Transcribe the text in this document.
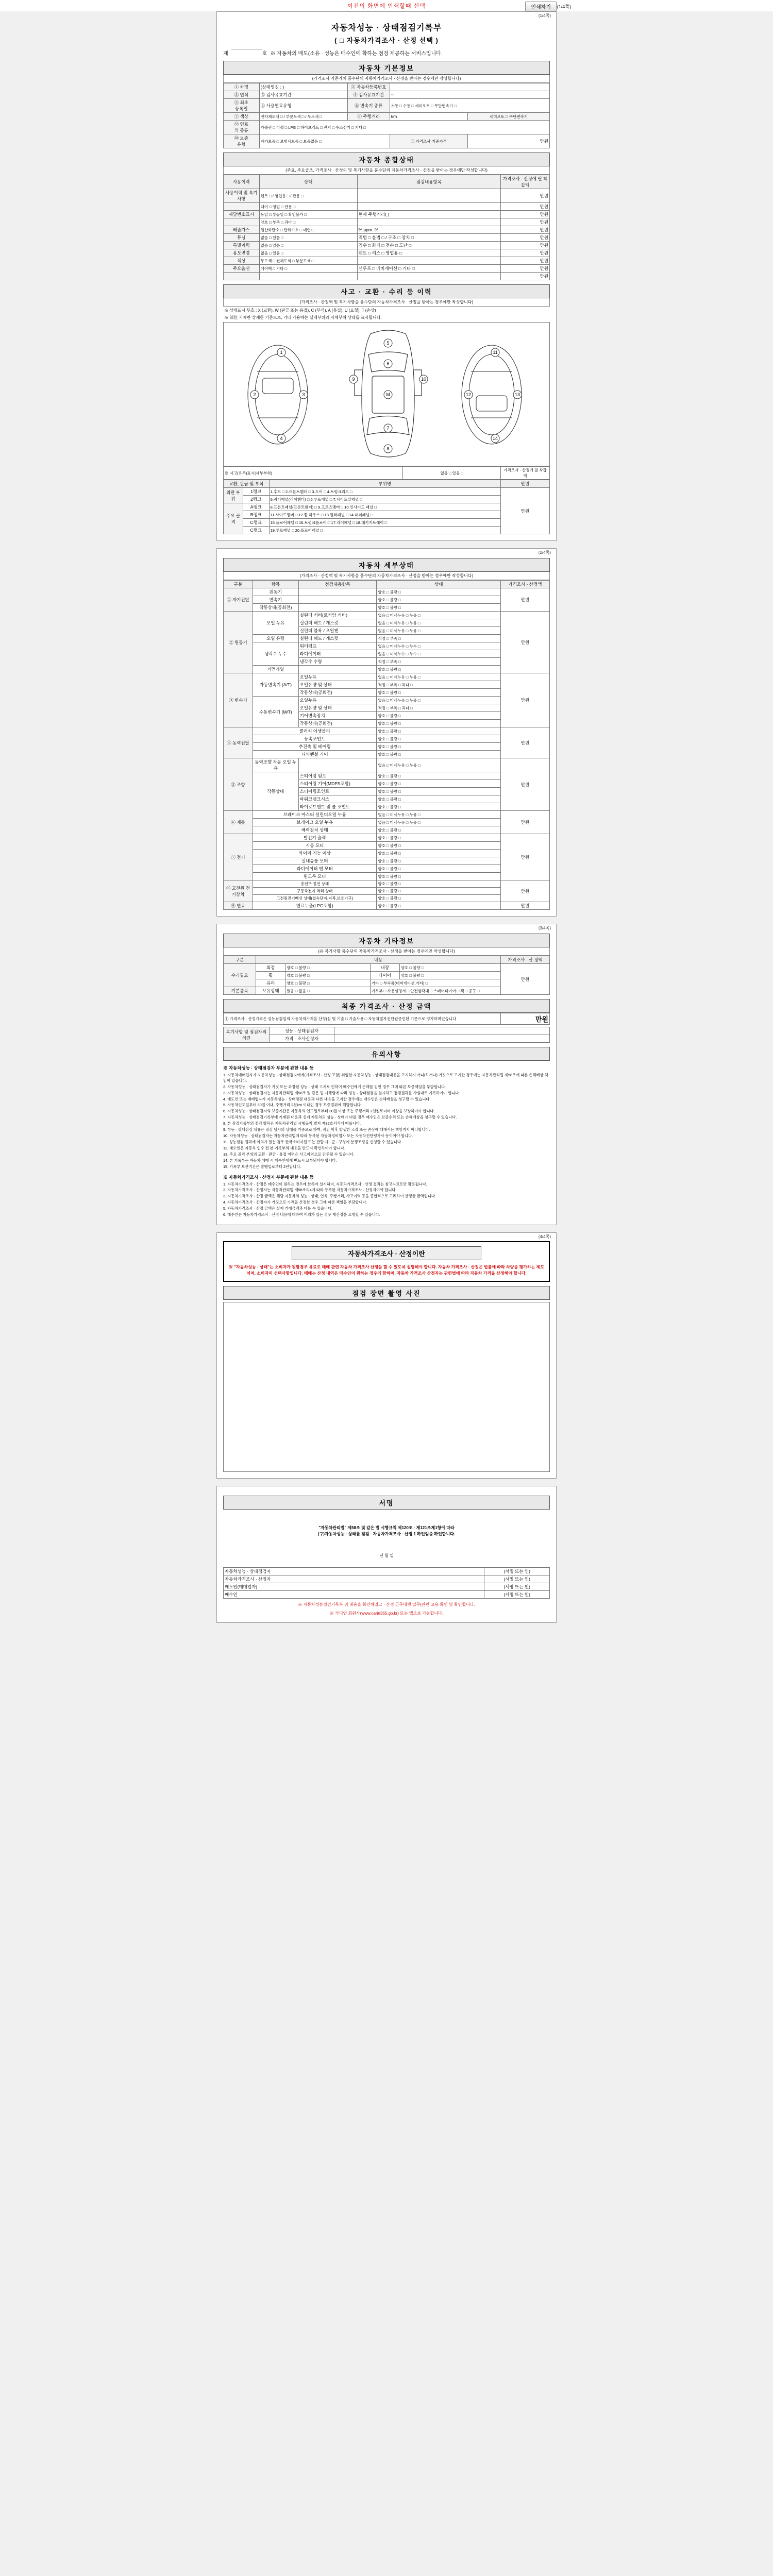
이전의 화면에 인쇄할때 선택	인쇄하기	(1/4쪽)
(1/4쪽)
자동차성능 · 상태점검기록부
( □ 자동차가격조사 · 산정 선택 )
제	호 ※ 자동차의 매도(소유 · 성능은 매수인에 확하는 점검 제공하는 서비스입니다.
자동차 기본정보
(가격조사 기준가치 품수단의 자동차가격조사 · 산정을 받아는 경우에만 작성합니다)
① 차명	(상태명칭 : )	② 자동차등록번호		
③ 연식	⑤ 검사유효기간	④ 검사유효기간	~	
⑤ 최초
등록일	⑥ 사용연료유형	⑥ 변속기 종류	자동 □ 수동 □ 세미오토 □ 무단변속기 □	
⑦ 색상	전차체도색 □ / 부분도색 □ / 무도색 □	⑧ 주행거리	km	세미오토 □ 무단변속기
⑨ 연료
의 종류	가솔린 □ 디젤 □ LPG □ 하이브리드 □ 전기 □ 수소전기 □ 기타 □			
⑩ 보증
유형	자가보증 □ 보험사보증 □ 보증없음 □		⑪ 가격조사·기준가격	만원
자동차 종합상태
(주요, 주요골조, 가격조사 · 산정의 및 복기사항을 품수단의 자동차가격조사 · 산정을 받아는 경우에만 작성합니다)
사용이력	상태	점검내용항목	가격조사 · 산정에 필 착갑액
사용이력 및 특기사항	렌트 □ / 영업용 □ / 관용 □		만원
	대여 □ 영업 □ 관용 □		만원
제당번호표시	동일 □ 부동일 □ 확인불가 □	현재 주행거리( )	만원
	양호 □ 부족 □ 과다 □		만원
배출가스	일산화탄소 □ 탄화수소 □ 매연 □	% ppm. %	만원
튜닝	없음 □ 있음 □	적법 □ 불법 □ / 구조 □ 장치 □	만원
특별이력	없음 □ 있음 □	침수 □ 화재 □ 전손 □ 도난 □	만원
용도변경	없음 □ 있음 □	렌트 □ 리스 □ 영업용 □	만원
색상	무도색 □ 전체도색 □ 부분도색 □		만원
주요옵션	에어백 □ 기타 □	선루프 □ 네비게이션 □ 기타 □	만원
			만원
사고 · 교환 · 수리 등 이력
(가격조사 · 산정액 및 복기사항을 품수단의 자동차가격조사 · 산정을 받아는 경우에만 작성합니다)
※ 상태표시 부호 : X (교환), W (판금 또는 용접), C (부식), A (흠집), U (요철), T (손상)
※ 部位 기재란 상세한 기준으로, 기타 가용하는 실제부위와 자체부위 상태를 표시합니다.
1
2	3
4
5
6
M
7
8
9	10
11
12	13
14
※ 시고(유무)표시(세부부위)	없음 □ 있음 □	가격조사 · 산정에 필 착갑액
교환, 판금 및 부식		부위명	만원
외판 부위	1랭크	1.후드 □ 2.프론트휀더 □ 3.도어 □ 4.트렁크리드 □	만원
	2랭크	5.쿼터패널(리어휀더) □ 6.루프패널 □ 7.사이드실패널 □	
주요 골격	A랭크	8.프론트패널(프론트휀더) □ 9.크로스멤버 □ 10.인사이드 패널 □	
	B랭크	11.사이드멤버 □ 12.휠 하우스 □ 13.필러패널 □ 14.대쉬패널 □	
	C랭크	15.플로어패널 □ 16.트렁크플로어 □ 17.리어패널 □ 18.패키지트레이 □	
	C랭크	19.루프패널 □ 20.플로어패널 □	
(2/4쪽)
자동차 세부상태
(가격조사 · 산정액 및 복기사항을 품수단의 자동차가격조사 · 산정을 받아는 경우에만 작성합니다)
구분	항목	점검내용항목	상태	가격조사 · 산정액
① 자기진단	원동기		양호 □ 불량 □	만원
	변속기		양호 □ 불량 □	
	작동상태(공회전)		양호 □ 불량 □	
② 원동기	오일 누유	실린더 커버(로커암 커버)	없음 □ 미세누유 □ 누유 □	만원
		실린더 헤드 / 개스킷	없음 □ 미세누유 □ 누유 □	
		실린더 블록 / 오일팬	없음 □ 미세누유 □ 누유 □	
	오일 유량	실린더 헤드 / 개스킷	적정 □ 부족 □	
	냉각수 누수	워터펌프	없음 □ 미세누수 □ 누수 □	
		라디에이터	없음 □ 미세누수 □ 누수 □	
		냉각수 수량	적정 □ 부족 □	
	커먼레일		양호 □ 불량 □	
③ 변속기	자동변속기 (A/T)	오일누유	없음 □ 미세누유 □ 누유 □	만원
		오일유량 및 상태	적정 □ 부족 □ 과다 □	
		작동상태(공회전)	양호 □ 불량 □	
	수동변속기 (M/T)	오일누유	없음 □ 미세누유 □ 누유 □	
		오일유량 및 상태	적정 □ 부족 □ 과다 □	
		기어변속장치	양호 □ 불량 □	
		작동상태(공회전)	양호 □ 불량 □	
④ 동력전달	클러치 어셈블리		양호 □ 불량 □	만원
	등속조인트		양호 □ 불량 □	
	추진축 및 베어링		양호 □ 불량 □	
	디퍼렌셜 기어		양호 □ 불량 □	
⑤ 조향	동력조향 작동 오일 누유		없음 □ 미세누유 □ 누유 □	만원
	작동상태	스티어링 펌프	양호 □ 불량 □	
		스티어링 기어(MDPS포함)	양호 □ 불량 □	
		스티어링조인트	양호 □ 불량 □	
		파워크랭크시스	양호 □ 불량 □	
		타이로드엔드 및 볼 조인트	양호 □ 불량 □	
⑥ 제동	브레이크 마스터 실린더오일 누유		없음 □ 미세누유 □ 누유 □	만원
	브레이크 오일 누유		없음 □ 미세누유 □ 누유 □	
	배력장치 상태		양호 □ 불량 □	
⑦ 전기	발전기 출력		양호 □ 불량 □	만원
	시동 모터		양호 □ 불량 □	
	와이퍼 기능 이상		양호 □ 불량 □	
	실내송풍 모터		양호 □ 불량 □	
	라디에이터 팬 모터		양호 □ 불량 □	
	윈도우 모터		양호 □ 불량 □	
⑧ 고전원 전기장치	충전구 절연 상태		양호 □ 불량 □	만원
	구동축전지 격리 상태		양호 □ 불량 □	
	고전원전기배선 상태(접속단자,피복,보호기구)		양호 □ 불량 □	
⑨ 연료	연료누출(LPG포함)		양호 □ 불량 □	만원
(3/4쪽)
자동차 기타정보
(유 복기사항 품수단의 자동차가격조사 · 산정을 받아는 경우에만 작성합니다)
구분	내용				가격조사 · 산 정액
수리필요	외장	양호 □ 불량 □	내장	양호 □ 불량 □	만원
	휠	양호 □ 불량 □	타이어	양호 □ 불량 □	
	유리	양호 □ 불량 □	기타 □ 부속품(네비게이션,기타) □		
기본품목	보유상태	있음 □ 없음 □	기록부 □ 사용설명서 □ 안전삼각대 □ 스페어타이어 □ 잭 □ 공구 □		
최종 가격조사 · 산정 금액
① 가격조사 · 산정가격은 성능점검일의 자동차의가격을 산정(심 및 기술 □ 기술사용 □ 자동차별자진단원증인된 기준으로 평가하며있습니다	만원
복기사항 및 점검자의 의견	성능 · 상태점검자	
	가격 · 조사산정자	
유의사항
※ 자동차성능 · 상태점검자 부문에 관한 내용 등

1. 자동차매매업자가 자동차성능 · 상태점검자에게(가격조사 · 산정 포함) 위임한 자동차성능 · 상태점검내용을 고지하지 아니(하거나) 거짓으로 고지한 경우에는 자동차관리법 제58조에 따른 손해배상 책임이 있습니다.

2. 자동차성능 · 상태점검자가 거짓 또는 과장된 성능 · 상태 고지로 인하여 매수인에게 손해를 입힌 경우 그에 따른 보증책임을 부담합니다.

3. 자동차성능 · 상태점검자는 자동차관리법 제58조 및 같은 법 시행령에 따라 성능 · 상태점검을 실시하고 점검결과를 사실대로 기록하여야 합니다.

4. 매도인 또는 매매업자가 자동차성능 · 상태점검 내용과 다른 내용을 고지한 경우에는 매수인은 손해배상을 청구할 수 있습니다.

5. 자동차인도일부터 30일 이내, 주행거리 2천km 이내인 경우 보증범위에 해당합니다.

6. 자동차성능 · 상태점검자의 보증기간은 자동차의 인도일로부터 30일 이상 또는 주행거리 2천킬로미터 이상을 보장하여야 합니다.

7. 자동차성능 · 상태점검기록부에 기재된 내용과 실제 자동차의 성능 · 상태가 다를 경우 매수인은 보증수리 또는 손해배상을 청구할 수 있습니다.

8. 본 점검기록부의 점검 항목은 자동차관리법 시행규칙 별지 제82호서식에 따릅니다.

9. 성능 · 상태점검 내용은 점검 당시의 상태를 기준으로 하며, 점검 이후 발생한 고장 또는 손상에 대해서는 책임지지 아니합니다.

10. 자동차성능 · 상태점검자는 자동차관리법에 따라 등록된 자동차정비업자 또는 자동차진단평가사 등이어야 합니다.

11. 성능점검 결과에 이의가 있는 경우 한국소비자원 또는 관할 시 · 군 · 구청에 분쟁조정을 신청할 수 있습니다.

12. 매수인은 자동차 인수 전 본 기록부의 내용을 반드시 확인하여야 합니다.

13. 주요 골격 부위의 교환 · 판금 · 용접 이력은 사고이력으로 간주될 수 있습니다.

14. 본 기록부는 자동차 매매 시 매수인에게 반드시 교부되어야 합니다.

15. 기록부 보관기간은 발행일로부터 2년입니다.

※ 자동차가격조사 · 산정자 부문에 관한 내용 등

1. 자동차가격조사 · 산정은 매수인이 원하는 경우에 한하여 실시하며, 자동차가격조사 · 산정 결과는 참고자료로만 활용됩니다.

2. 자동차가격조사 · 산정자는 자동차관리법 제58조의4에 따라 등록된 자동차가격조사 · 산정자여야 합니다.

3. 자동차가격조사 · 산정 금액은 해당 자동차의 성능 · 상태, 연식, 주행거리, 사고이력 등을 종합적으로 고려하여 산정한 금액입니다.

4. 자동차가격조사 · 산정자가 거짓으로 가격을 산정한 경우 그에 따른 책임을 부담합니다.

5. 자동차가격조사 · 산정 금액은 실제 거래금액과 다를 수 있습니다.

6. 매수인은 자동차가격조사 · 산정 내용에 대하여 이의가 있는 경우 재산정을 요청할 수 있습니다.

(4/4쪽)
자동차가격조사 · 산정이란
※ "자동차성능 · 상태"는 소비자가 원할경우 유료로 매매 관련 자동차 가격조사 산정을 할 수 있도록 설명해야 합니다. 자동차 가격조사 · 산정은 법률에 따라 차량을 평가하는 제도이며, 소비자의 선택사항입니다. 매매는 산정 내역은 매수인이 원하는 경우에 한하며, 자동차 가격조사 산정자는 관련법에 따라 자동차 가격을 산정해야 합니다.
점검 장면 촬영 사진
서명
"자동차관리법" 제58조 및 같은 법 시행규칙 제120조 · 제121조제1항에 따라
(구)자동차성능 · 상태를 점검 · 자동차가격조사 · 산정 1 확인임을 확인합니다.
년 월 일
자동차성능 · 상태점검자	(서명 또는 인)
자동차가격조사 · 산정자	(서명 또는 인)
매도인(매매업자)	(서명 또는 인)
매수인	(서명 또는 인)
※ 자동차성능점검기록부 위 내용을 확인하였고 · 산정 근무대행 업무(관련 고유 확인 및 확인합니다.
※ 카디언 회원사(www.carin365.go.kr) 또는 앱으로 가능합니다.
